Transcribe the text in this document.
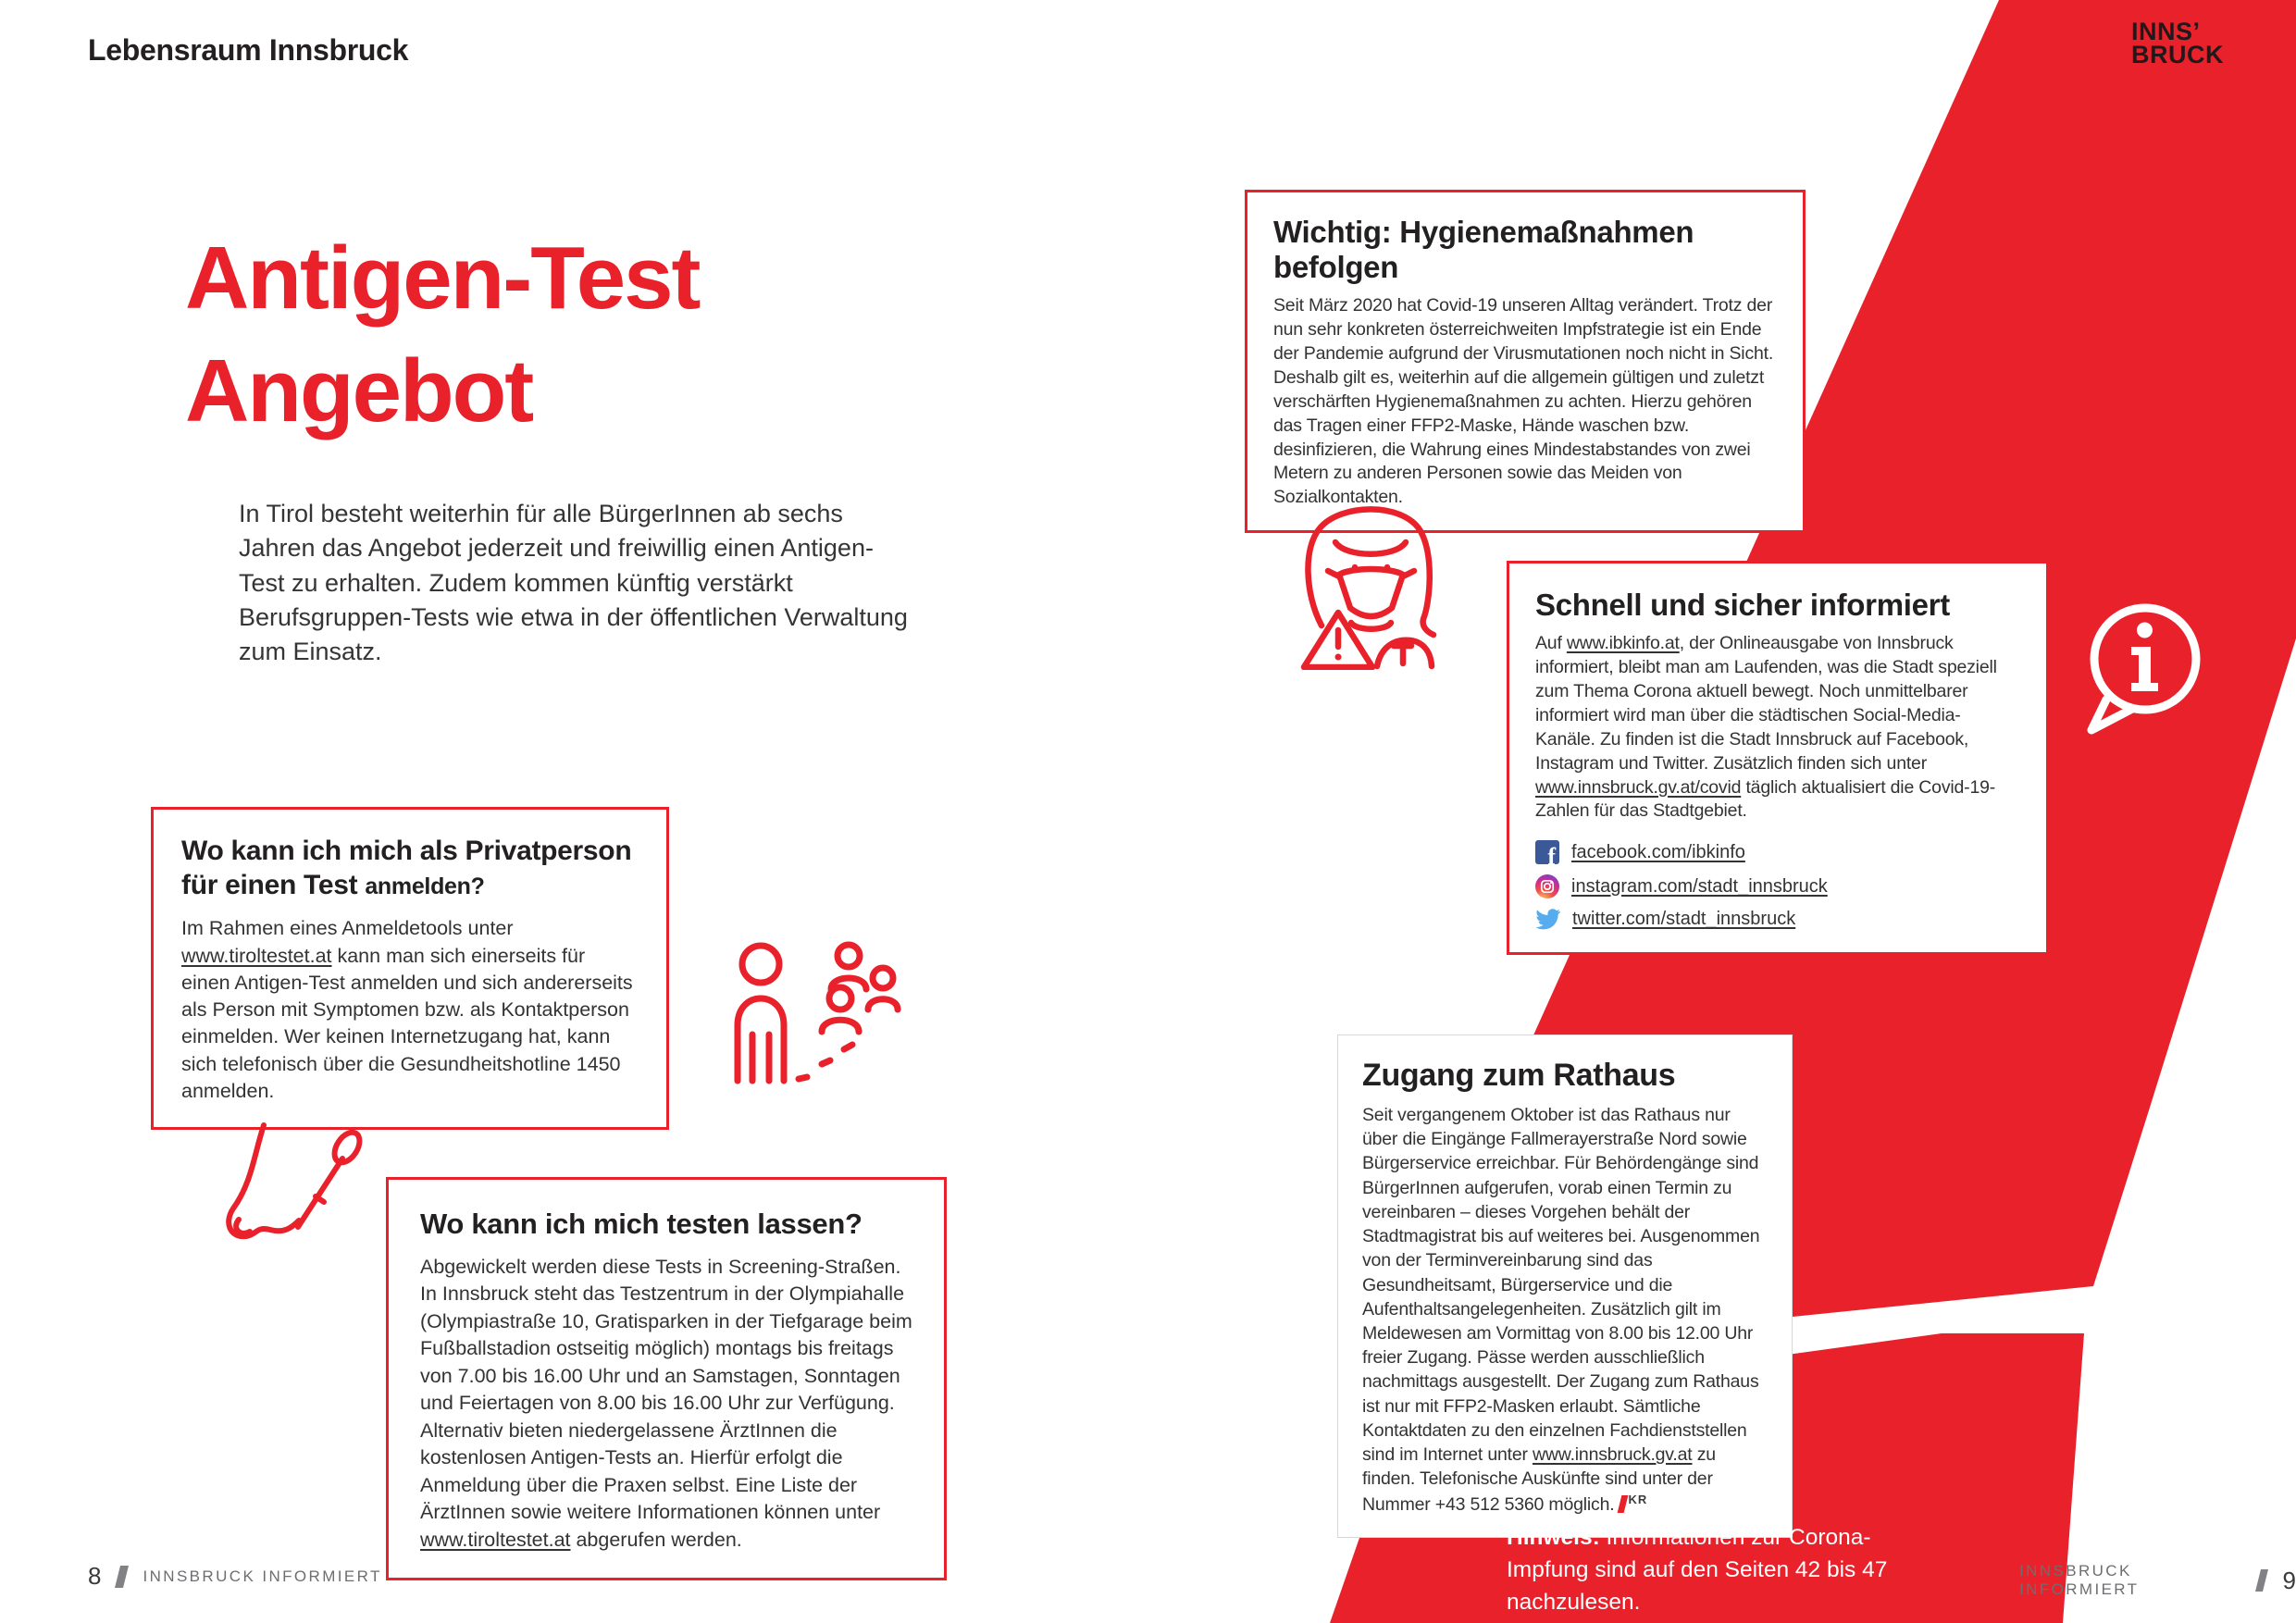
Lebensraum Innsbruck
INNS’
BRUCK
Antigen-Test
Angebot

In Tirol besteht weiterhin für alle BürgerInnen ab sechs Jahren das Angebot jederzeit und freiwillig einen Antigen-Test zu erhalten. Zudem kommen künftig verstärkt Berufsgruppen-Tests wie etwa in der öffentlichen Verwaltung zum Einsatz.

Wo kann ich mich als Privatperson für einen Test anmelden?
Im Rahmen eines Anmeldetools unter www.tiroltestet.at kann man sich einerseits für einen Antigen-Test anmelden und sich andererseits als Person mit Symptomen bzw. als Kontaktperson einmelden. Wer keinen Internetzugang hat, kann sich telefonisch über die Gesundheitshotline 1450 anmelden.
Wo kann ich mich testen lassen?
Abgewickelt werden diese Tests in Screening-Straßen. In Innsbruck steht das Testzentrum in der Olympiahalle (Olympiastraße 10, Gratisparken in der Tiefgarage beim Fußballstadion ostseitig möglich) montags bis freitags von 7.00 bis 16.00 Uhr und an Samstagen, Sonntagen und Feiertagen von 8.00 bis 16.00 Uhr zur Verfügung. Alternativ bieten niedergelassene ÄrztInnen die kostenlosen Antigen-Tests an. Hierfür erfolgt die Anmeldung über die Praxen selbst. Eine Liste der ÄrztInnen sowie weitere Informationen können unter www.tiroltestet.at abgerufen werden.
Wichtig: Hygienemaßnahmen befolgen
Seit März 2020 hat Covid-19 unseren Alltag verändert. Trotz der nun sehr konkreten österreichweiten Impfstrategie ist ein Ende der Pandemie aufgrund der Virusmutationen noch nicht in Sicht. Deshalb gilt es, weiterhin auf die allgemein gültigen und zuletzt verschärften Hygienemaßnahmen zu achten. Hierzu gehören das Tragen einer FFP2-Maske, Hände waschen bzw. desinfizieren, die Wahrung eines Mindestabstandes von zwei Metern zu anderen Personen sowie das Meiden von Sozialkontakten.
Schnell und sicher informiert
Auf www.ibkinfo.at, der Onlineausgabe von Innsbruck informiert, bleibt man am Laufenden, was die Stadt speziell zum Thema Corona aktuell bewegt. Noch unmittelbarer informiert wird man über die städtischen Social-Media-Kanäle. Zu finden ist die Stadt Innsbruck auf Facebook, Instagram und Twitter. Zusätzlich finden sich unter www.innsbruck.gv.at/covid täglich aktualisiert die Covid-19-Zahlen für das Stadtgebiet.
f facebook.com/ibkinfo
instagram.com/stadt_innsbruck
twitter.com/stadt_innsbruck
Zugang zum Rathaus
Seit vergangenem Oktober ist das Rathaus nur über die Eingänge Fallmerayerstraße Nord sowie Bürgerservice erreichbar. Für Behördengänge sind BürgerInnen aufgerufen, vorab einen Termin zu vereinbaren – dieses Vorgehen behält der Stadtmagistrat bis auf weiteres bei. Ausgenommen von der Terminvereinbarung sind das Gesundheitsamt, Bürgerservice und die Aufenthaltsangelegenheiten. Zusätzlich gilt im Meldewesen am Vormittag von 8.00 bis 12.00 Uhr freier Zugang. Pässe werden ausschließlich nachmittags ausgestellt. Der Zugang zum Rathaus ist nur mit FFP2-Masken erlaubt. Sämtliche Kontaktdaten zu den einzelnen Fachdienststellen sind im Internet unter www.innsbruck.gv.at zu finden. Telefonische Auskünfte sind unter der Nummer +43 512 5360 möglich. $^{KR}$
Hinweis: Informationen zur Corona-Impfung sind auf den Seiten 42 bis 47 nachzulesen.
8	INNSBRUCK INFORMIERT	INNSBRUCK INFORMIERT	9
